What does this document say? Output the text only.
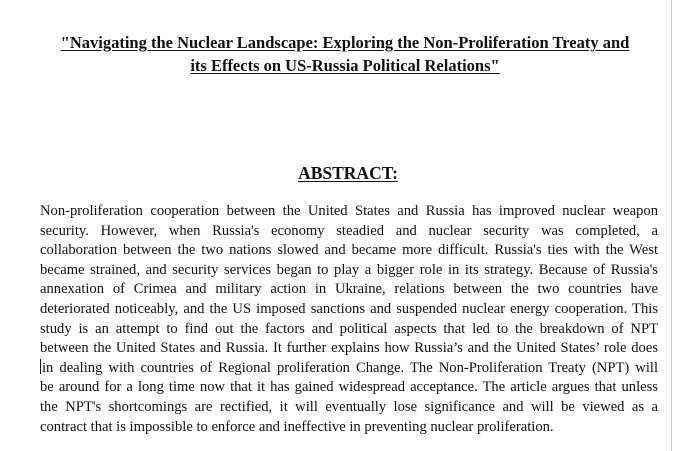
"Navigating the Nuclear Landscape: Exploring the Non-Proliferation Treaty and
its Effects on US-Russia Political Relations"
ABSTRACT:
Non-proliferation cooperation between the United States and Russia has improved nuclear weapon
security. However, when Russia's economy steadied and nuclear security was completed, a
collaboration between the two nations slowed and became more difficult. Russia's ties with the West
became strained, and security services began to play a bigger role in its strategy. Because of Russia's
annexation of Crimea and military action in Ukraine, relations between the two countries have
deteriorated noticeably, and the US imposed sanctions and suspended nuclear energy cooperation. This
study is an attempt to find out the factors and political aspects that led to the breakdown of NPT
between the United States and Russia. It further explains how Russia’s and the United States’ role does
in dealing with countries of Regional proliferation Change. The Non-Proliferation Treaty (NPT) will
be around for a long time now that it has gained widespread acceptance. The article argues that unless
the NPT's shortcomings are rectified, it will eventually lose significance and will be viewed as a
contract that is impossible to enforce and ineffective in preventing nuclear proliferation.
